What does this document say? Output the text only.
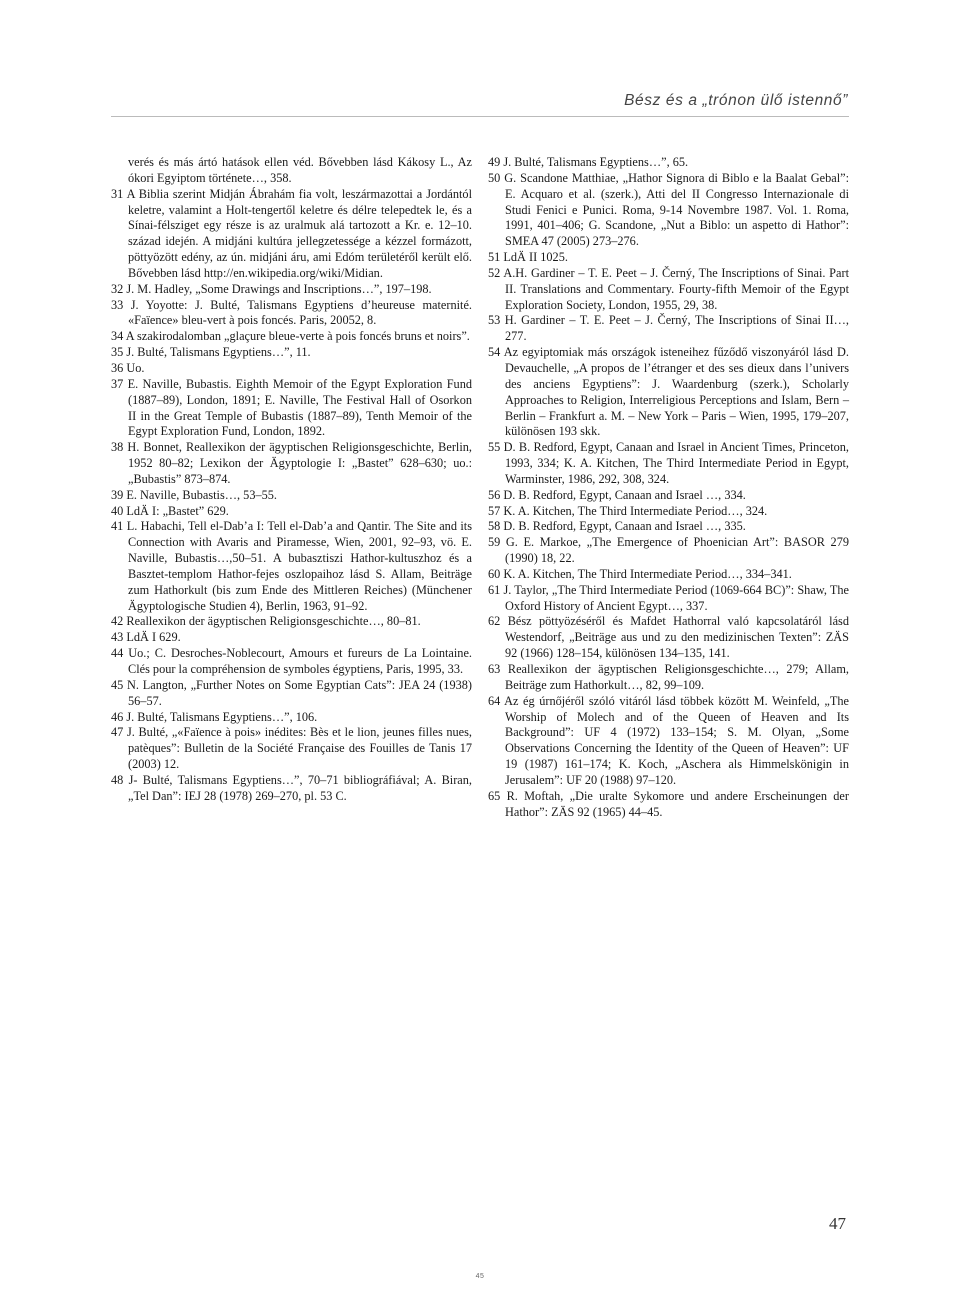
Bész és a „trónon ülő istennő”
verés és más ártó hatások ellen véd. Bővebben lásd Kákosy L., Az ókori Egyiptom története…, 358.
31 A Biblia szerint Midján Ábrahám fia volt, leszármazottai a Jordántól keletre, valamint a Holt-tengertől keletre és délre telepedtek le, és a Sínai-félsziget egy része is az uralmuk alá tartozott a Kr. e. 12–10. század idején. A midjáni kultúra jellegzetessége a kézzel formázott, pöttyözött edény, az ún. midjáni áru, ami Edóm területéről került elő. Bővebben lásd http://en.wikipedia.org/wiki/Midian.
32 J. M. Hadley, „Some Drawings and Inscriptions…”, 197–198.
33 J. Yoyotte: J. Bulté, Talismans Egyptiens d’heureuse maternité. «Faïence» bleu-vert à pois foncés. Paris, 20052, 8.
34 A szakirodalomban „glaçure bleue-verte à pois foncés bruns et noirs”.
35 J. Bulté, Talismans Egyptiens…”, 11.
36 Uo.
37 E. Naville, Bubastis. Eighth Memoir of the Egypt Exploration Fund (1887–89), London, 1891; E. Naville, The Festival Hall of Osorkon II in the Great Temple of Bubastis (1887–89), Tenth Memoir of the Egypt Exploration Fund, London, 1892.
38 H. Bonnet, Reallexikon der ägyptischen Religionsgeschichte, Berlin, 1952 80–82; Lexikon der Ägyptologie I: „Bastet” 628–630; uo.: „Bubastis” 873–874.
39 E. Naville, Bubastis…, 53–55.
40 LdÄ I: „Bastet” 629.
41 L. Habachi, Tell el-Dab’a I: Tell el-Dab’a and Qantir. The Site and its Connection with Avaris and Piramesse, Wien, 2001, 92–93, vö. E. Naville, Bubastis…,50–51. A bubasztiszi Hathor-kultuszhoz és a Basztet-templom Hathor-fejes oszlopaihoz lásd S. Allam, Beiträge zum Hathorkult (bis zum Ende des Mittleren Reiches) (Münchener Ägyptologische Studien 4), Berlin, 1963, 91–92.
42 Reallexikon der ägyptischen Religionsgeschichte…, 80–81.
43 LdÄ I 629.
44 Uo.; C. Desroches-Noblecourt, Amours et fureurs de La Lointaine. Clés pour la compréhension de symboles égyptiens, Paris, 1995, 33.
45 N. Langton, „Further Notes on Some Egyptian Cats”: JEA 24 (1938) 56–57.
46 J. Bulté, Talismans Egyptiens…”, 106.
47 J. Bulté, „«Faïence à pois» inédites: Bès et le lion, jeunes filles nues, patèques”: Bulletin de la Société Française des Fouilles de Tanis 17 (2003) 12.
48 J- Bulté, Talismans Egyptiens…”, 70–71 bibliográfiával; A. Biran, „Tel Dan”: IEJ 28 (1978) 269–270, pl. 53 C.
49 J. Bulté, Talismans Egyptiens…”, 65.
50 G. Scandone Matthiae, „Hathor Signora di Biblo e la Baalat Gebal”: E. Acquaro et al. (szerk.), Atti del II Congresso Internazionale di Studi Fenici e Punici. Roma, 9-14 Novembre 1987. Vol. 1. Roma, 1991, 401–406; G. Scandone, „Nut a Biblo: un aspetto di Hathor”: SMEA 47 (2005) 273–276.
51 LdÄ II 1025.
52 A.H. Gardiner – T. E. Peet – J. Černý, The Inscriptions of Sinai. Part II. Translations and Commentary. Fourty-fifth Memoir of the Egypt Exploration Society, London, 1955, 29, 38.
53 H. Gardiner – T. E. Peet – J. Černý, The Inscriptions of Sinai II…, 277.
54 Az egyiptomiak más országok isteneihez fűződő viszonyáról lásd D. Devauchelle, „A propos de l’étranger et des ses dieux dans l’univers des anciens Egyptiens”: J. Waardenburg (szerk.), Scholarly Approaches to Religion, Interreligious Perceptions and Islam, Bern – Berlin – Frankfurt a. M. – New York – Paris – Wien, 1995, 179–207, különösen 193 skk.
55 D. B. Redford, Egypt, Canaan and Israel in Ancient Times, Princeton, 1993, 334; K. A. Kitchen, The Third Intermediate Period in Egypt, Warminster, 1986, 292, 308, 324.
56 D. B. Redford, Egypt, Canaan and Israel …, 334.
57 K. A. Kitchen, The Third Intermediate Period…, 324.
58 D. B. Redford, Egypt, Canaan and Israel …, 335.
59 G. E. Markoe, „The Emergence of Phoenician Art”: BASOR 279 (1990) 18, 22.
60 K. A. Kitchen, The Third Intermediate Period…, 334–341.
61 J. Taylor, „The Third Intermediate Period (1069-664 BC)”: Shaw, The Oxford History of Ancient Egypt…, 337.
62 Bész pöttyözéséről és Mafdet Hathorral való kapcsolatáról lásd Westendorf, „Beiträge aus und zu den medizinischen Texten”: ZÄS 92 (1966) 128–154, különösen 134–135, 141.
63 Reallexikon der ägyptischen Religionsgeschichte…, 279; Allam, Beiträge zum Hathorkult…, 82, 99–109.
64 Az ég úrnőjéről szóló vitáról lásd többek között M. Weinfeld, „The Worship of Molech and of the Queen of Heaven and Its Background”: UF 4 (1972) 133–154; S. M. Olyan, „Some Observations Concerning the Identity of the Queen of Heaven”: UF 19 (1987) 161–174; K. Koch, „Aschera als Himmelskönigin in Jerusalem”: UF 20 (1988) 97–120.
65 R. Moftah, „Die uralte Sykomore und andere Erscheinungen der Hathor”: ZÄS 92 (1965) 44–45.
47
45
